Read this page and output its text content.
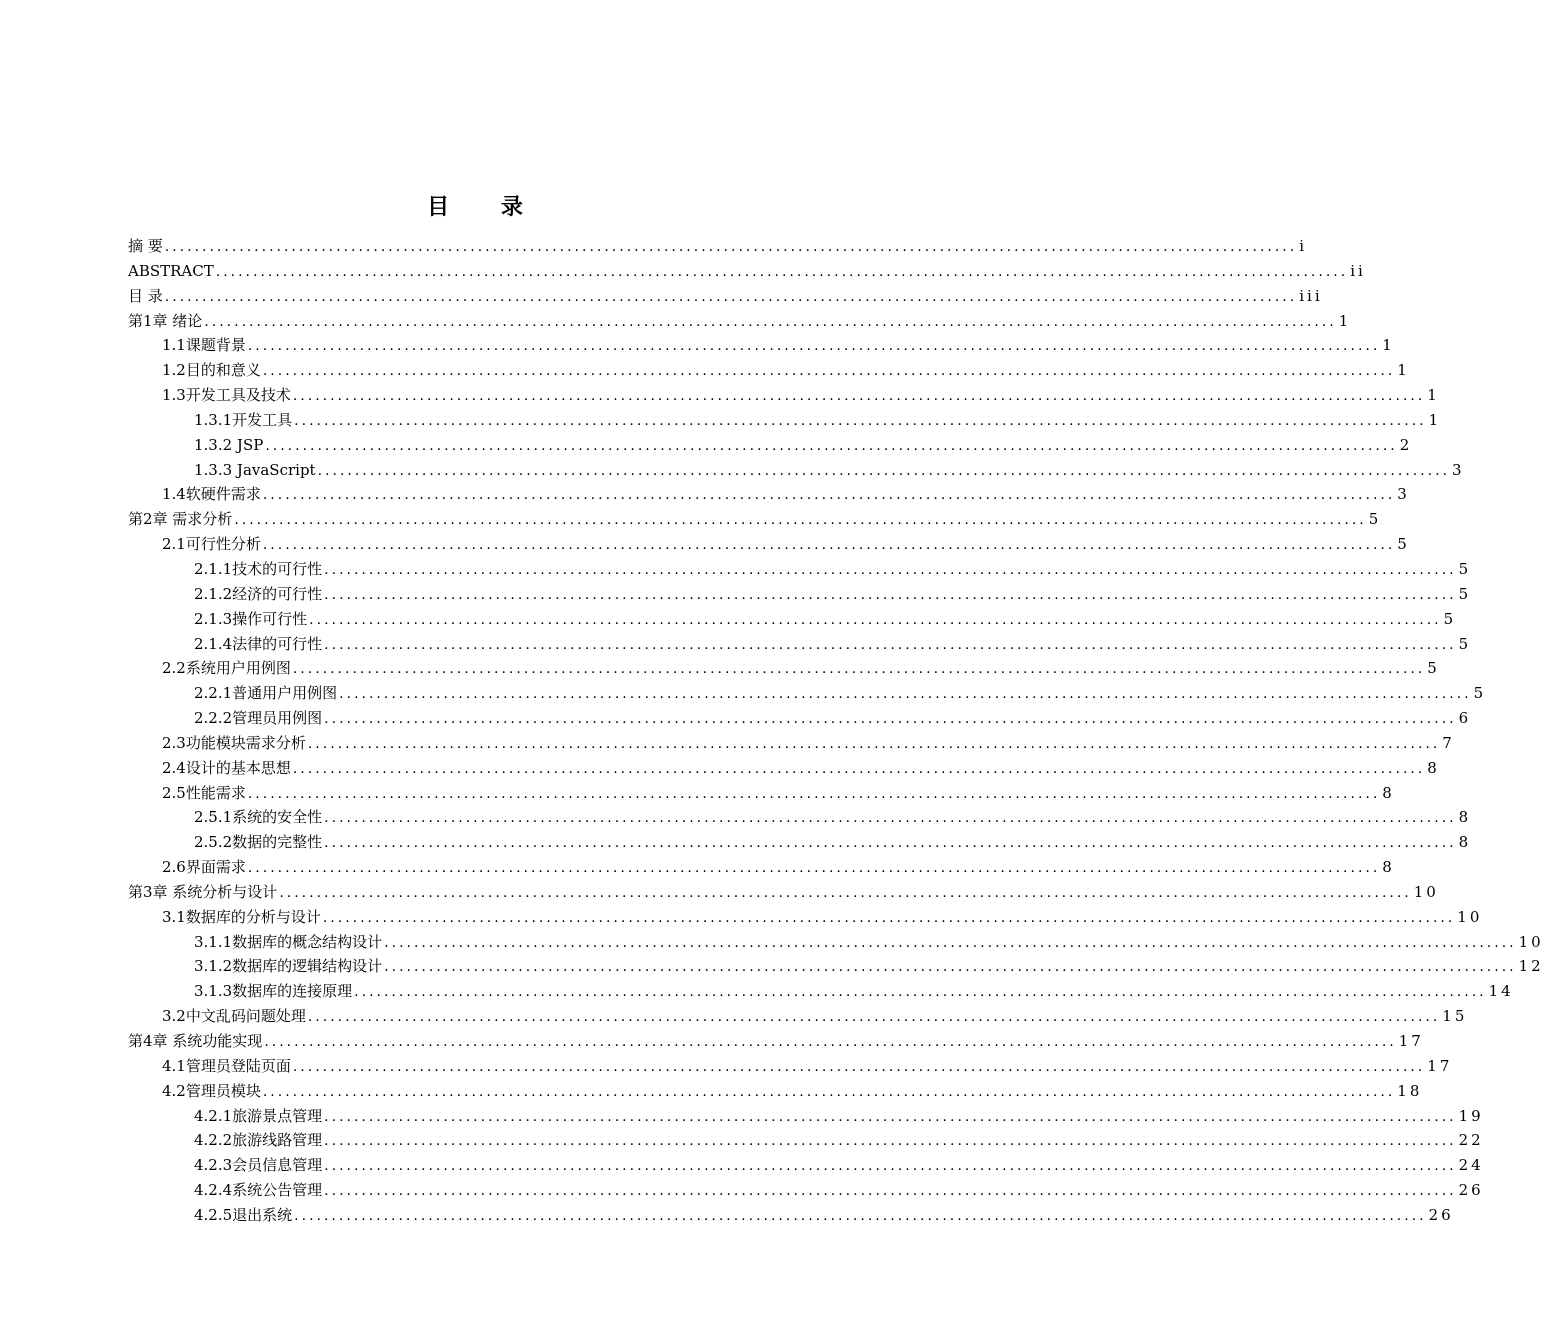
目 录
摘 要 .....	i
ABSTRACT .....	ii
目 录 .....	iii
第1章 绪论 .....	1
1.1课题背景 .....	1
1.2目的和意义 .....	1
1.3开发工具及技术 .....	1
1.3.1开发工具 .....	1
1.3.2 JSP .....	2
1.3.3 JavaScript .....	3
1.4软硬件需求 .....	3
第2章 需求分析 .....	5
2.1可行性分析 .....	5
2.1.1技术的可行性 .....	5
2.1.2经济的可行性 .....	5
2.1.3操作可行性 .....	5
2.1.4法律的可行性 .....	5
2.2系统用户用例图 .....	5
2.2.1普通用户用例图 .....	5
2.2.2管理员用例图 .....	6
2.3功能模块需求分析 .....	7
2.4设计的基本思想 .....	8
2.5性能需求 .....	8
2.5.1系统的安全性 .....	8
2.5.2数据的完整性 .....	8
2.6界面需求 .....	8
第3章 系统分析与设计 .....	10
3.1数据库的分析与设计 .....	10
3.1.1数据库的概念结构设计 .....	10
3.1.2数据库的逻辑结构设计 .....	12
3.1.3数据库的连接原理 .....	14
3.2中文乱码问题处理 .....	15
第4章 系统功能实现 .....	17
4.1管理员登陆页面 .....	17
4.2管理员模块 .....	18
4.2.1旅游景点管理 .....	19
4.2.2旅游线路管理 .....	22
4.2.3会员信息管理 .....	24
4.2.4系统公告管理 .....	26
4.2.5退出系统 .....	26
